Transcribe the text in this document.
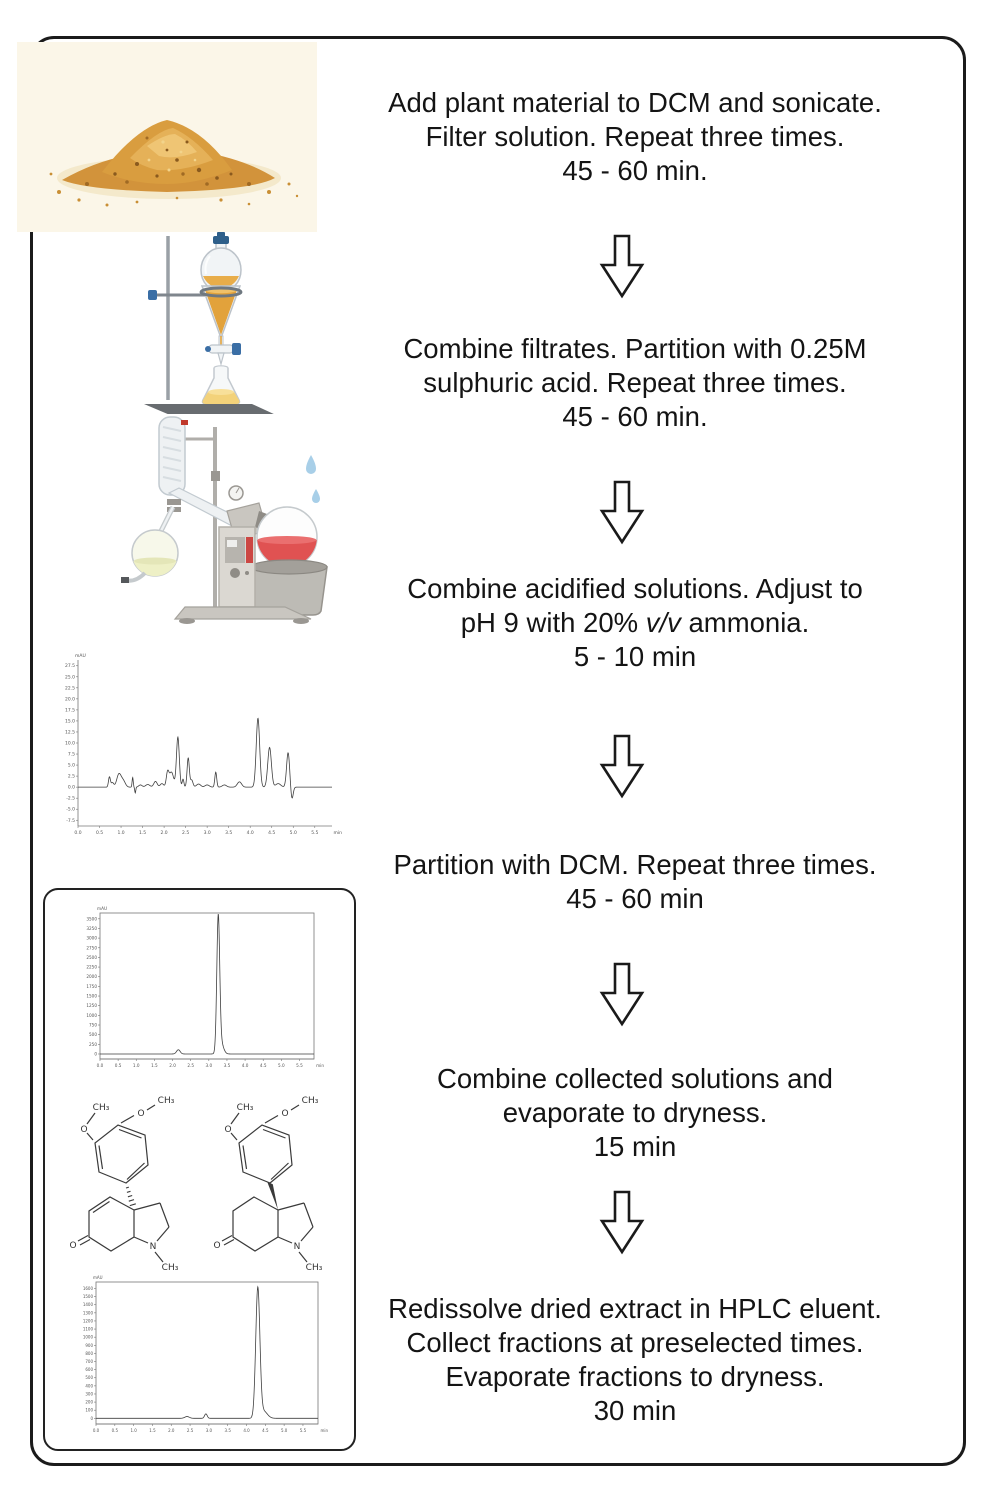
-7.5
-5.0
-2.5
0.0
2.5
5.0
7.5
10.0
12.5
15.0
17.5
20.0
22.5
25.0
27.5
0.0	0.5	1.0	1.5	2.0	2.5	3.0	3.5	4.0	4.5	5.0	5.5
mAU
min
0
250
500
750
1000
1250
1500
1750
2000
2250
2500
2750
3000
3250
3500
0.0	0.5	1.0	1.5	2.0	2.5	3.0	3.5	4.0	4.5	5.0	5.5
mAU
min
O
CH₃
O
CH₃
O	N
CH₃
O
CH₃
O
CH₃
O	N
CH₃
0
100
200
300
400
500
600
700
800
900
1000
1100
1200
1300
1400
1500
1600
0.0	0.5	1.0	1.5	2.0	2.5	3.0	3.5	4.0	4.5	5.0	5.5
mAU
min
Add plant material to DCM and sonicate.
Filter solution. Repeat three times.
45 - 60 min.
Combine filtrates. Partition with 0.25M
sulphuric acid. Repeat three times.
45 - 60 min.
Combine acidified solutions. Adjust to
pH 9 with 20% v/v ammonia.
5 - 10 min
Partition with DCM. Repeat three times.
45 - 60 min
Combine collected solutions and
evaporate to dryness.
15 min
Redissolve dried extract in HPLC eluent.
Collect fractions at preselected times.
Evaporate fractions to dryness.
30 min
